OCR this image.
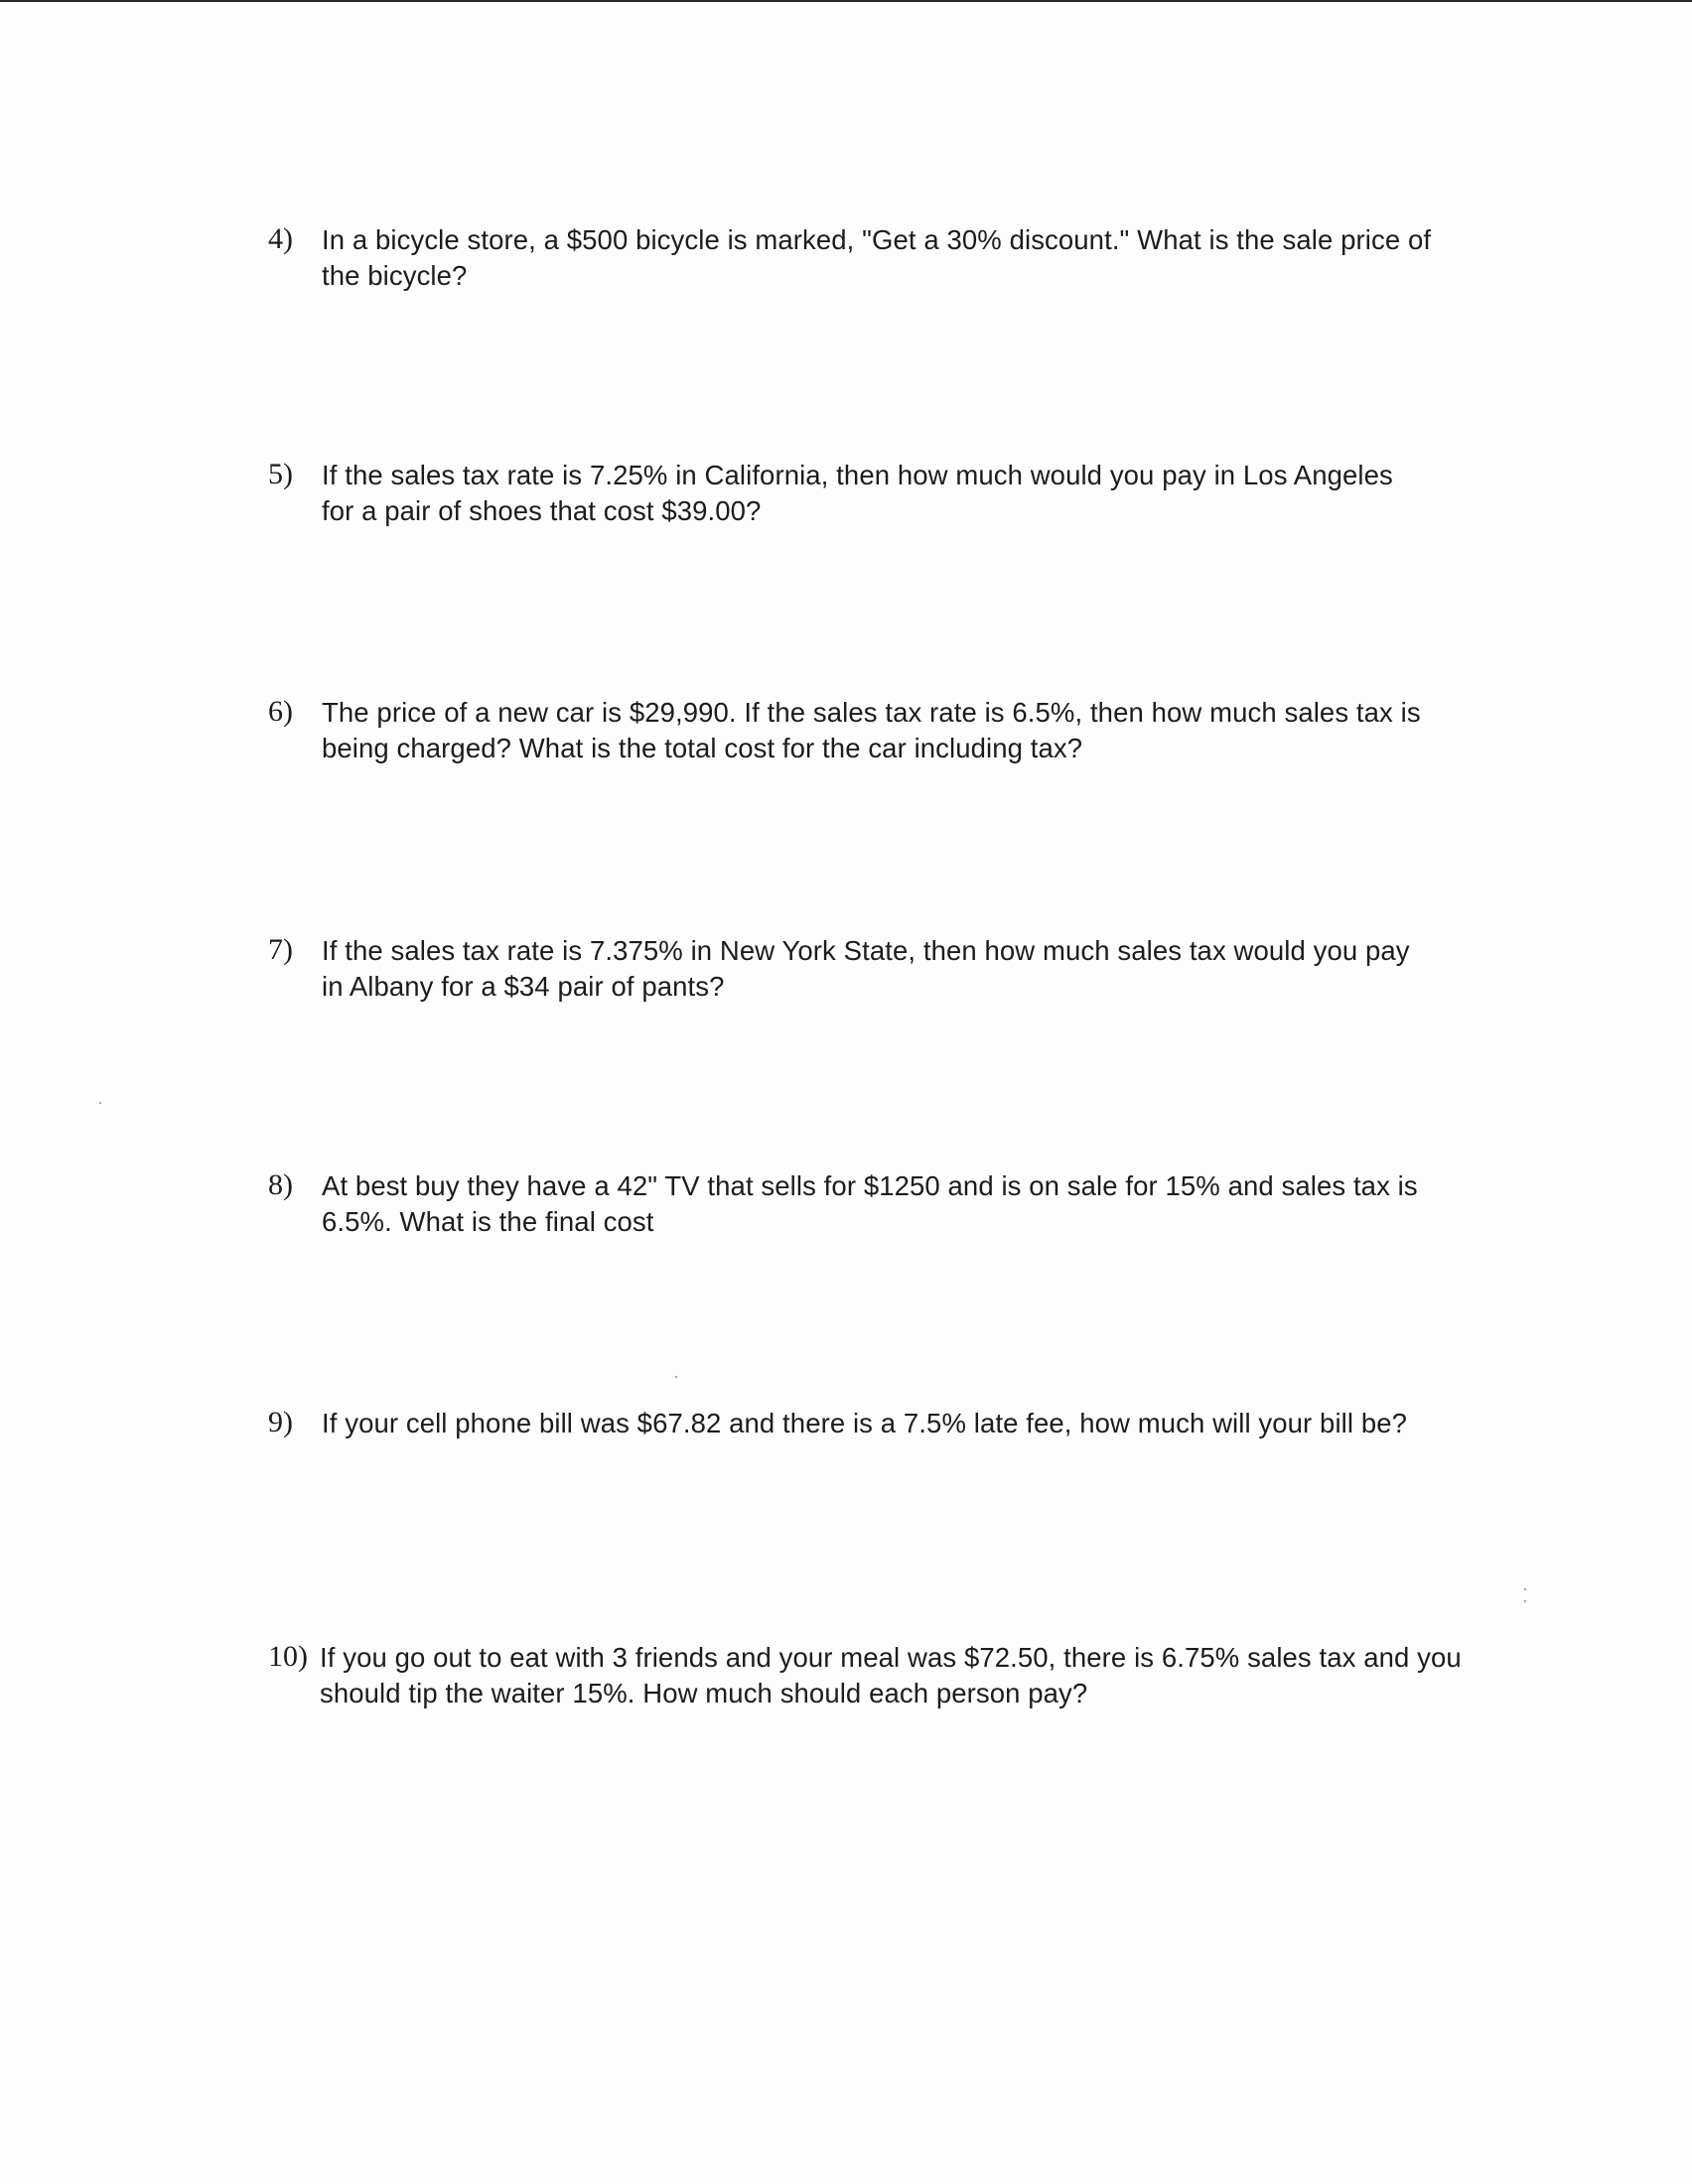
4) In a bicycle store, a $500 bicycle is marked, "Get a 30% discount." What is the sale price of the bicycle?
5) If the sales tax rate is 7.25% in California, then how much would you pay in Los Angeles for a pair of shoes that cost $39.00?
6) The price of a new car is $29,990. If the sales tax rate is 6.5%, then how much sales tax is being charged? What is the total cost for the car including tax?
7) If the sales tax rate is 7.375% in New York State, then how much sales tax would you pay in Albany for a $34 pair of pants?
8) At best buy they have a 42" TV that sells for $1250 and is on sale for 15% and sales tax is 6.5%. What is the final cost
9) If your cell phone bill was $67.82 and there is a 7.5% late fee, how much will your bill be?
10) If you go out to eat with 3 friends and your meal was $72.50, there is 6.75% sales tax and you should tip the waiter 15%. How much should each person pay?
